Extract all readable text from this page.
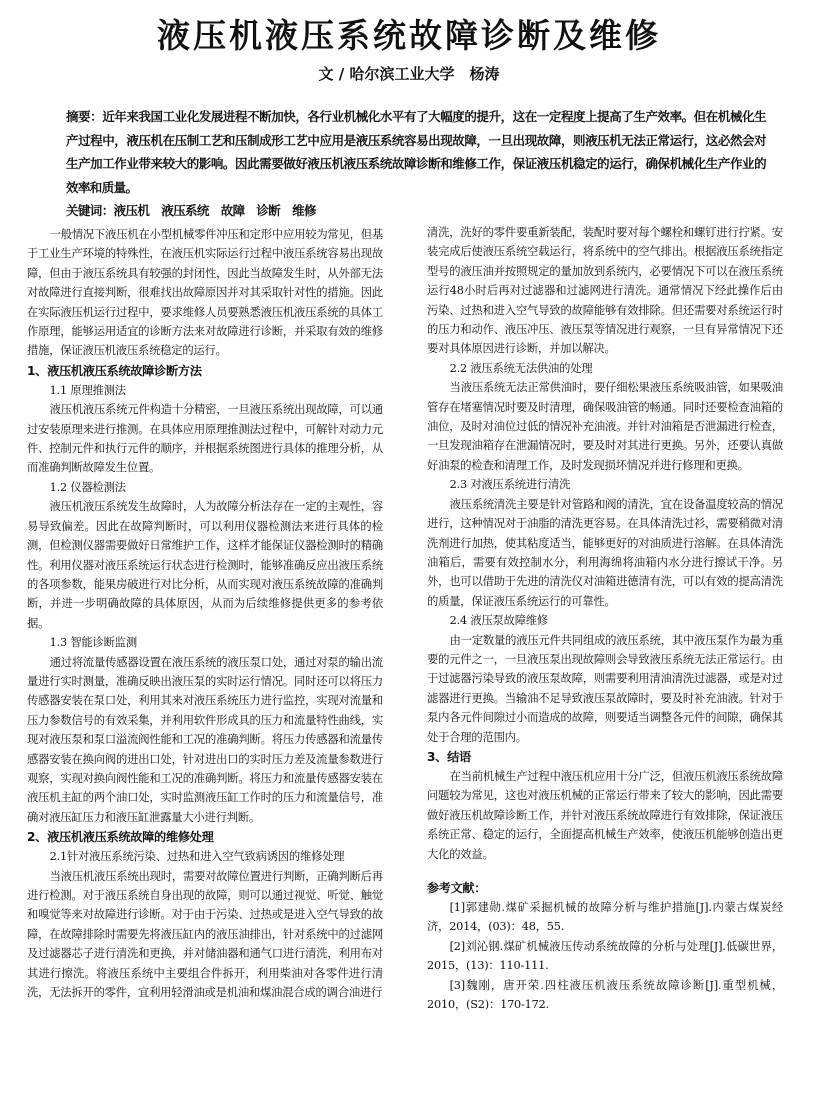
液压机液压系统故障诊断及维修
文 / 哈尔滨工业大学　杨涛

摘要：近年来我国工业化发展进程不断加快，各行业机械化水平有了大幅度的提升，这在一定程度上提高了生产效率。但在机械化生产过程中，液压机在压制工艺和压制成形工艺中应用是液压系统容易出现故障，一旦出现故障，则液压机无法正常运行，这必然会对生产加工作业带来较大的影响。因此需要做好液压机液压系统故障诊断和维修工作，保证液压机稳定的运行，确保机械化生产作业的效率和质量。

关键词：液压机　液压系统　故障　诊断　维修

一般情况下液压机在小型机械零件冲压和定形中应用较为常见，但基于工业生产环境的特殊性，在液压机实际运行过程中液压系统容易出现故障，但由于液压系统具有较强的封闭性，因此当故障发生时，从外部无法对故障进行直接判断，很难找出故障原因并对其采取针对性的措施。因此在实际液压机运行过程中，要求维修人员要熟悉液压机液压系统的具体工作原理，能够运用适宜的诊断方法来对故障进行诊断，并采取有效的维修措施，保证液压机液压系统稳定的运行。

1、液压机液压系统故障诊断方法
1.1 原理推测法

液压机液压系统元件构造十分精密，一旦液压系统出现故障，可以通过安装原理来进行推测。在具体应用原理推测法过程中，可解针对动力元件、控制元件和执行元件的顺序，并根据系统图进行具体的推理分析，从而准确判断故障发生位置。

1.2 仪器检测法

液压机液压系统发生故障时，人为故障分析法存在一定的主观性，容易导致偏差。因此在故障判断时，可以利用仪器检测法来进行具体的检测，但检测仪器需要做好日常维护工作，这样才能保证仪器检测时的精确性。利用仪器对液压系统运行状态进行检测时，能够准确反应出液压系统的各项参数，能果房破进行对比分析，从而实现对液压系统故障的准确判断，并进一步明确故障的具体原因，从而为后续维修提供更多的参考依据。

1.3 智能诊断监测

通过将流量传感器设置在液压系统的液压泵口处，通过对泵的输出流量进行实时测量，准确反映出液压泵的实时运行情况。同时还可以将压力传感器安装在泵口处，利用其来对液压系统压力进行监控，实现对流量和压力参数信号的有效采集，并利用软件形成具的压力和流量特性曲线，实现对液压泵和泵口溢流阀性能和工况的准确判断。将压力传感器和流量传感器安装在换向阀的进出口处，针对进出口的实时压力差及流量参数进行观察，实现对换向阀性能和工况的准确判断。将压力和流量传感器安装在液压机主缸的两个油口处，实时监测液压缸工作时的压力和流量信号，准确对液压缸压力和液压缸泄露量大小进行判断。

2、液压机液压系统故障的维修处理
2.1针对液压系统污染、过热和进入空气致病诱因的维修处理

当液压机液压系统出现时，需要对故障位置进行判断，正确判断后再进行检测。对于液压系统自身出现的故障，则可以通过视觉、听觉、触觉和嗅觉等来对故障进行诊断。对于由于污染、过热或是进入空气导致的故障，在故障排除时需要先将液压缸内的液压油排出，针对系统中的过滤网及过滤器芯子进行清洗和更换，并对储油器和通气口进行清洗，利用布对其进行擦洗。将液压系统中主要组合件拆开，利用柴油对各零件进行清洗，无法拆开的零件，宜利用轻滑油或是机油和煤油混合成的调合油进行

清洗，洗好的零件要重新装配，装配时要对每个螺栓和螺钉进行拧紧。安装完成后使液压系统空载运行，将系统中的空气排出。根据液压系统指定型号的液压油并按照规定的量加放到系统内，必要情况下可以在液压系统运行48小时后再对过滤器和过滤网进行清洗。通常情况下经此操作后由污染、过热和进入空气导致的故障能够有效排除。但还需要对系统运行时的压力和动作、液压冲压、液压泵等情况进行观察，一旦有异常情况下还要对具体原因进行诊断，并加以解决。

2.2 液压系统无法供油的处理

当液压系统无法正常供油时，要仔细松果液压系统吸油管，如果吸油管存在堵塞情况时要及时清理，确保吸油管的畅通。同时还要检查油箱的油位，及时对油位过低的情况补充油液。并针对油箱是否泄漏进行检查，一旦发现油箱存在泄漏情况时，要及时对其进行更换。另外，还要认真做好油泵的检查和清理工作，及时发现损坏情况并进行修理和更换。

2.3 对液压系统进行清洗

液压系统清洗主要是针对管路和阀的清洗，宜在设备温度较高的情况进行，这种情况对于油脂的清洗更容易。在具体清洗过衫，需要稍微对清洗剂进行加热，使其粘度适当，能够更好的对油质进行溶解。在具体清洗油箱后，需要有效控制水分，利用海绵将油箱内水分进行擦试干净。另外，也可以借助于先进的清洗仪对油箱进德清有洗，可以有效的提高清洗的质量，保证液压系统运行的可靠性。

2.4 液压泵故障维修

由一定数量的液压元件共同组成的液压系统，其中液压泵作为最为重要的元件之一，一旦液压泵出现故障则会导致液压系统无法正常运行。由于过滤器污染导致的液压泵故障，则需要利用清油清洗过滤器，或是对过滤器进行更换。当输油不足导致液压泵故障时，要及时补充油液。针对于泵内各元件间隙过小而造成的故障，则要适当调整各元件的间隙，确保其处于合理的范围内。

3、结语

在当前机械生产过程中液压机应用十分广泛，但液压机液压系统故障问题较为常见，这也对液压机械的正常运行带来了较大的影响，因此需要做好液压机故障诊断工作，并针对液压系统故障进行有效排除，保证液压系统正常、稳定的运行，全面提高机械生产效率，使液压机能够创造出更大化的效益。

参考文献：

[1]郭建勋.煤矿采掘机械的故障分析与维护措施[J].内蒙古煤炭经济，2014，(03)：48，55.

[2]刘沁钢.煤矿机械液压传动系统故障的分析与处理[J].低碳世界，2015，(13)：110-111.

[3]魏刚，唐开荣.四柱液压机液压系统故障诊断[J].重型机械，2010，(S2)：170-172.
